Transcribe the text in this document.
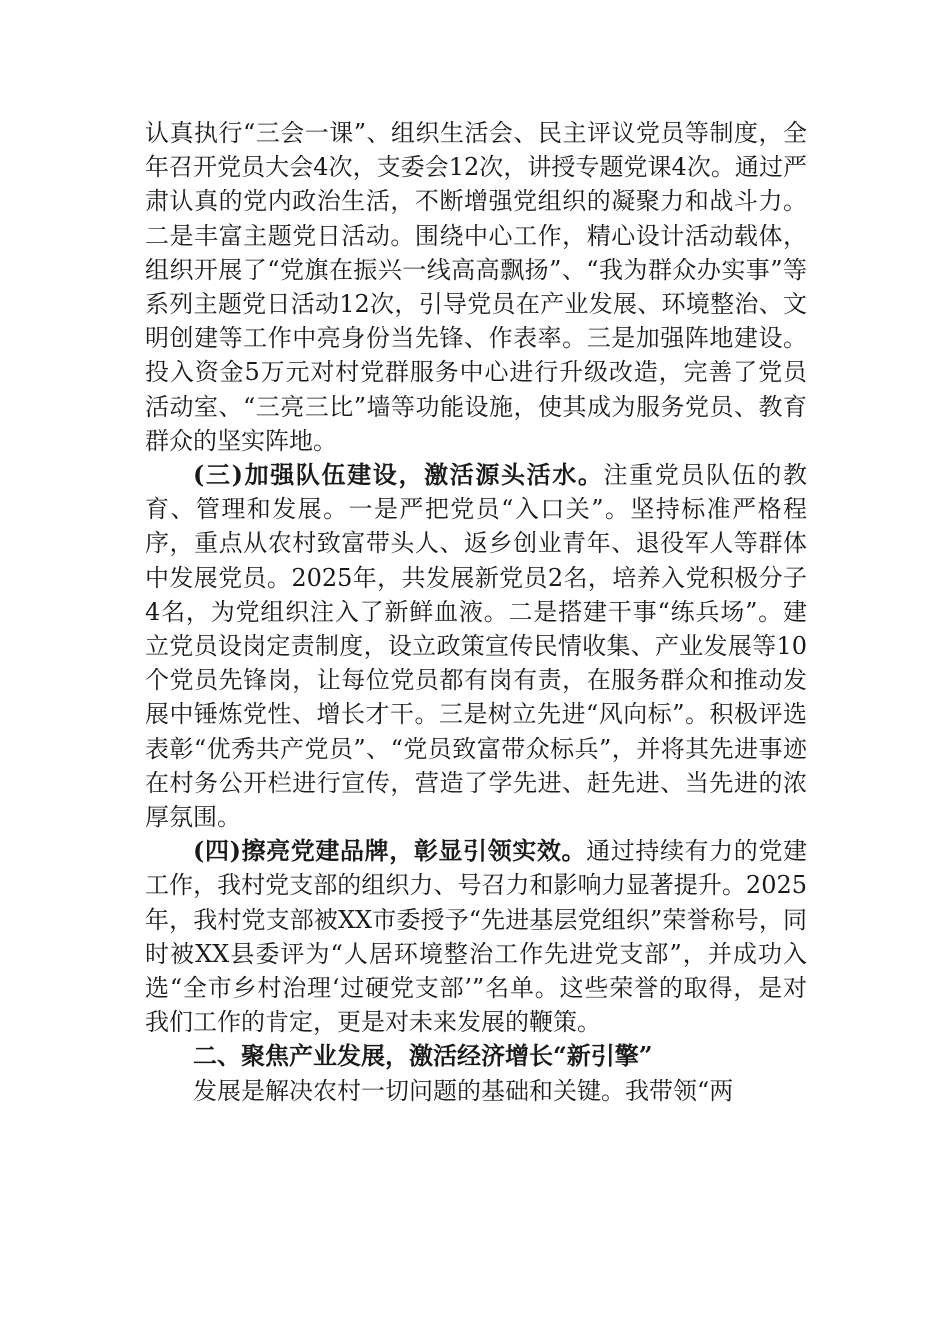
认真执行“三会一课”、组织生活会、民主评议党员等制度，全年召开党员大会4次，支委会12次，讲授专题党课4次。通过严肃认真的党内政治生活，不断增强党组织的凝聚力和战斗力。二是丰富主题党日活动。围绕中心工作，精心设计活动载体，组织开展了“党旗在振兴一线高高飘扬”、“我为群众办实事”等系列主题党日活动12次，引导党员在产业发展、环境整治、文明创建等工作中亮身份当先锋、作表率。三是加强阵地建设。投入资金5万元对村党群服务中心进行升级改造，完善了党员活动室、“三亮三比”墙等功能设施，使其成为服务党员、教育群众的坚实阵地。

(三)加强队伍建设，激活源头活水。注重党员队伍的教育、管理和发展。一是严把党员“入口关”。坚持标准严格程序，重点从农村致富带头人、返乡创业青年、退役军人等群体中发展党员。2025年，共发展新党员2名，培养入党积极分子4名，为党组织注入了新鲜血液。二是搭建干事“练兵场”。建立党员设岗定责制度，设立政策宣传民情收集、产业发展等10个党员先锋岗，让每位党员都有岗有责，在服务群众和推动发展中锤炼党性、增长才干。三是树立先进“风向标”。积极评选表彰“优秀共产党员”、“党员致富带众标兵”，并将其先进事迹在村务公开栏进行宣传，营造了学先进、赶先进、当先进的浓厚氛围。

(四)擦亮党建品牌，彰显引领实效。通过持续有力的党建工作，我村党支部的组织力、号召力和影响力显著提升。2025年，我村党支部被XX市委授予“先进基层党组织”荣誉称号，同时被XX县委评为“人居环境整治工作先进党支部”，并成功入选“全市乡村治理‘过硬党支部’”名单。这些荣誉的取得，是对我们工作的肯定，更是对未来发展的鞭策。

二、聚焦产业发展，激活经济增长“新引擎”

发展是解决农村一切问题的基础和关键。我带领“两
